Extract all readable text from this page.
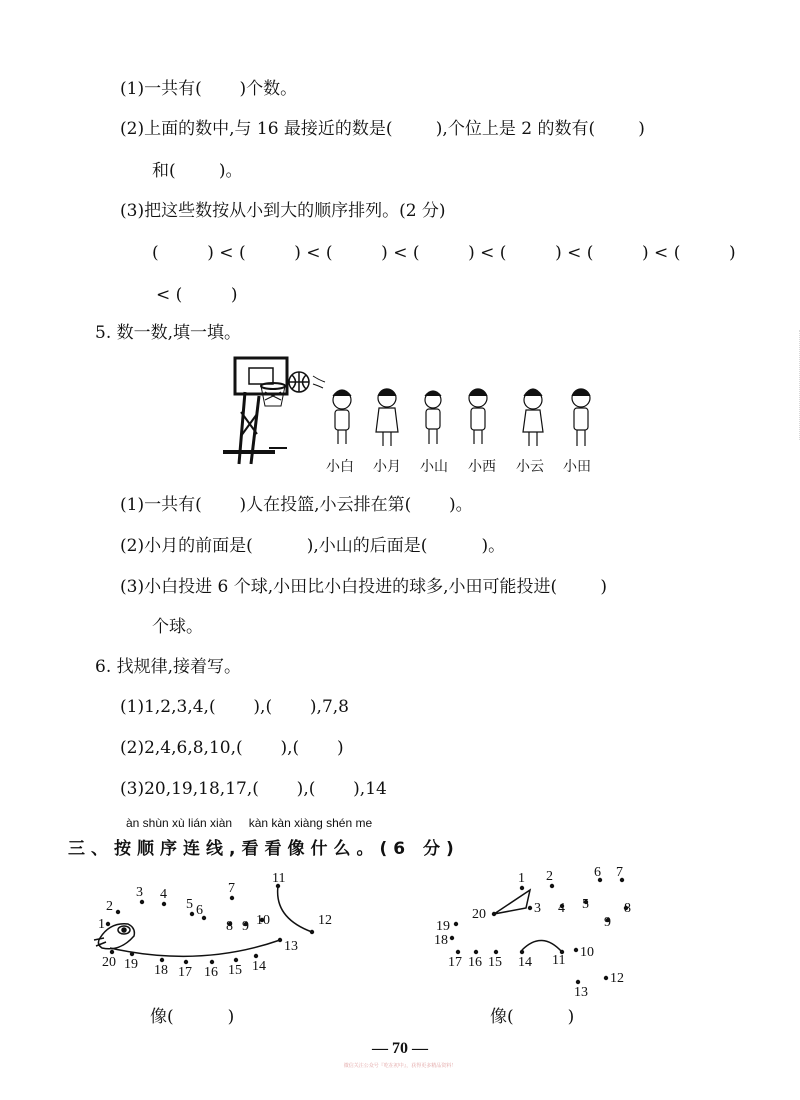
(1)一共有(       )个数。
(2)上面的数中,与 16 最接近的数是(        ),个位上是 2 的数有(        )
和(        )。
(3)把这些数按从小到大的顺序排列。(2 分)
(         ) < (         ) < (         ) < (         ) < (         ) < (         ) < (         )
< (         )
5. 数一数,填一填。
小白 小月 小山 小西 小云 小田
(1)一共有(       )人在投篮,小云排在第(       )。
(2)小月的前面是(          ),小山的后面是(          )。
(3)小白投进 6 个球,小田比小白投进的球多,小田可能投进(        )
个球。
6. 找规律,接着写。
(1)1,2,3,4,(       ),(       ),7,8
(2)2,4,6,8,10,(       ),(       )
(3)20,19,18,17,(       ),(       ),14
àn shùn xù lián xiàn     kàn kàn xiàng shén me
三、按顺序连线,看看像什么。(6 分)
1
2
3 4
5 6
7
8 9 10
11
12
13
14
15
16
17
18
19
20
像(          )
1 2
3 4 5
6 7
8
9
10
11
12
13
14
15
16
17
18
19
20
像(          )
— 70 —
微信关注公众号『吃在初中』，获得更多精品资料！
